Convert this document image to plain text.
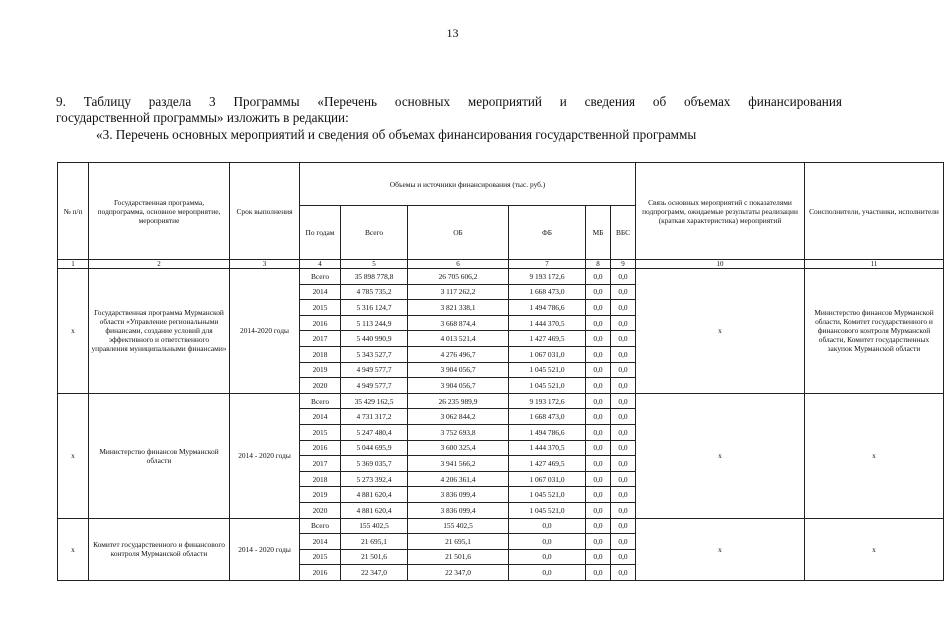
13
9. Таблицу раздела 3 Программы «Перечень основных мероприятий и сведения об объемах финансирования
государственной программы» изложить в редакции:
«3. Перечень основных мероприятий и сведения об объемах финансирования государственной программы
№ п/п	Государственная программа, подпрограмма, основное мероприятие, мероприятие	Срок выполнения	Объемы и источники финансирования (тыс. руб.)						Связь основных мероприятий с показателями подпрограмм, ожидаемые результаты реализации (краткая характеристика) мероприятий	Соисполнители, участники, исполнители
			По годам	Всего	ОБ	ФБ	МБ	ВБС		
1	2	3	4	5	6	7	8	9	10	11
х	Государственная программа Мурманской области «Управление региональными финансами, создание условий для эффективного и ответственного управления муниципальными финансами»	2014-2020 годы	Всего	35 898 778,8	26 705 606,2	9 193 172,6	0,0	0,0	х	Министерство финансов Мурманской области, Комитет государственного и финансового контроля Мурманской области, Комитет государственных закупок Мурманской области
			2014	4 785 735,2	3 117 262,2	1 668 473,0	0,0	0,0		
			2015	5 316 124,7	3 821 338,1	1 494 786,6	0,0	0,0		
			2016	5 113 244,9	3 668 874,4	1 444 370,5	0,0	0,0		
			2017	5 440 990,9	4 013 521,4	1 427 469,5	0,0	0,0		
			2018	5 343 527,7	4 276 496,7	1 067 031,0	0,0	0,0		
			2019	4 949 577,7	3 904 056,7	1 045 521,0	0,0	0,0		
			2020	4 949 577,7	3 904 056,7	1 045 521,0	0,0	0,0		
х	Министерство финансов Мурманской области	2014 - 2020 годы	Всего	35 429 162,5	26 235 989,9	9 193 172,6	0,0	0,0	х	х
			2014	4 731 317,2	3 062 844,2	1 668 473,0	0,0	0,0		
			2015	5 247 480,4	3 752 693,8	1 494 786,6	0,0	0,0		
			2016	5 044 695,9	3 600 325,4	1 444 370,5	0,0	0,0		
			2017	5 369 035,7	3 941 566,2	1 427 469,5	0,0	0,0		
			2018	5 273 392,4	4 206 361,4	1 067 031,0	0,0	0,0		
			2019	4 881 620,4	3 836 099,4	1 045 521,0	0,0	0,0		
			2020	4 881 620,4	3 836 099,4	1 045 521,0	0,0	0,0		
х	Комитет государственного и финансового контроля Мурманской области	2014 - 2020 годы	Всего	155 402,5	155 402,5	0,0	0,0	0,0	х	х
			2014	21 695,1	21 695,1	0,0	0,0	0,0		
			2015	21 501,6	21 501,6	0,0	0,0	0,0		
			2016	22 347,0	22 347,0	0,0	0,0	0,0		
